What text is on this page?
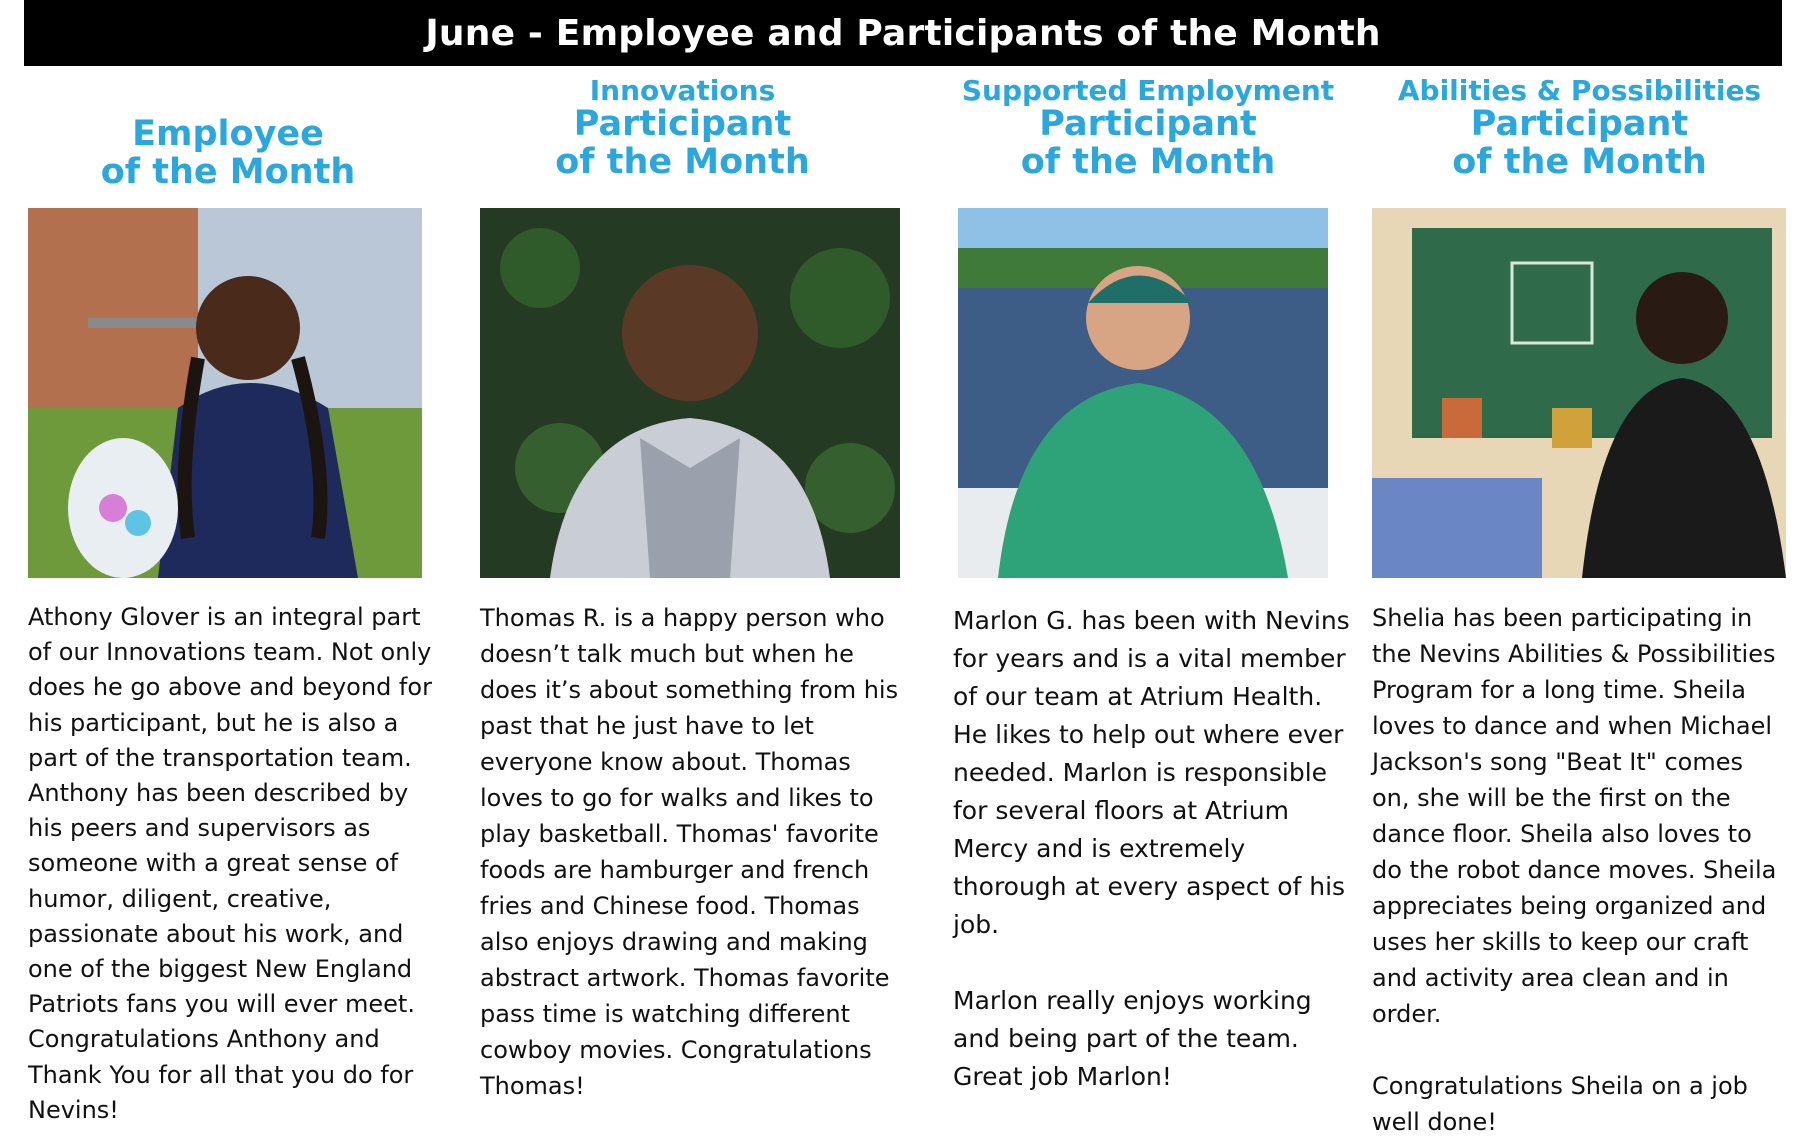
June - Employee and Participants of the Month
Employee
of the Month
Athony Glover is an integral part of our Innovations team. Not only does he go above and beyond for his participant, but he is also a part of the transportation team. Anthony has been described by his peers and supervisors as someone with a great sense of humor, diligent, creative, passionate about his work, and one of the biggest New England Patriots fans you will ever meet. Congratulations Anthony and Thank You for all that you do for Nevins!
Innovations
Participant
of the Month
Thomas R. is a happy person who doesn’t talk much but when he does it’s about something from his past that he just have to let everyone know about. Thomas loves to go for walks and likes to play basketball. Thomas' favorite foods are hamburger and french fries and Chinese food. Thomas also enjoys drawing and making abstract artwork. Thomas favorite pass time is watching different cowboy movies. Congratulations Thomas!
Supported Employment
Participant
of the Month
Marlon G. has been with Nevins for years and is a vital member of our team at Atrium Health. He likes to help out where ever needed. Marlon is responsible for several floors at Atrium Mercy and is extremely thorough at every aspect of his job.

Marlon really enjoys working and being part of the team. Great job Marlon!
Abilities & Possibilities
Participant
of the Month
Shelia has been participating in the Nevins Abilities & Possibilities Program for a long time. Sheila loves to dance and when Michael Jackson's song "Beat It" comes on, she will be the first on the dance floor. Sheila also loves to do the robot dance moves. Sheila appreciates being organized and uses her skills to keep our craft and activity area clean and in order.

Congratulations Sheila on a job well done!
